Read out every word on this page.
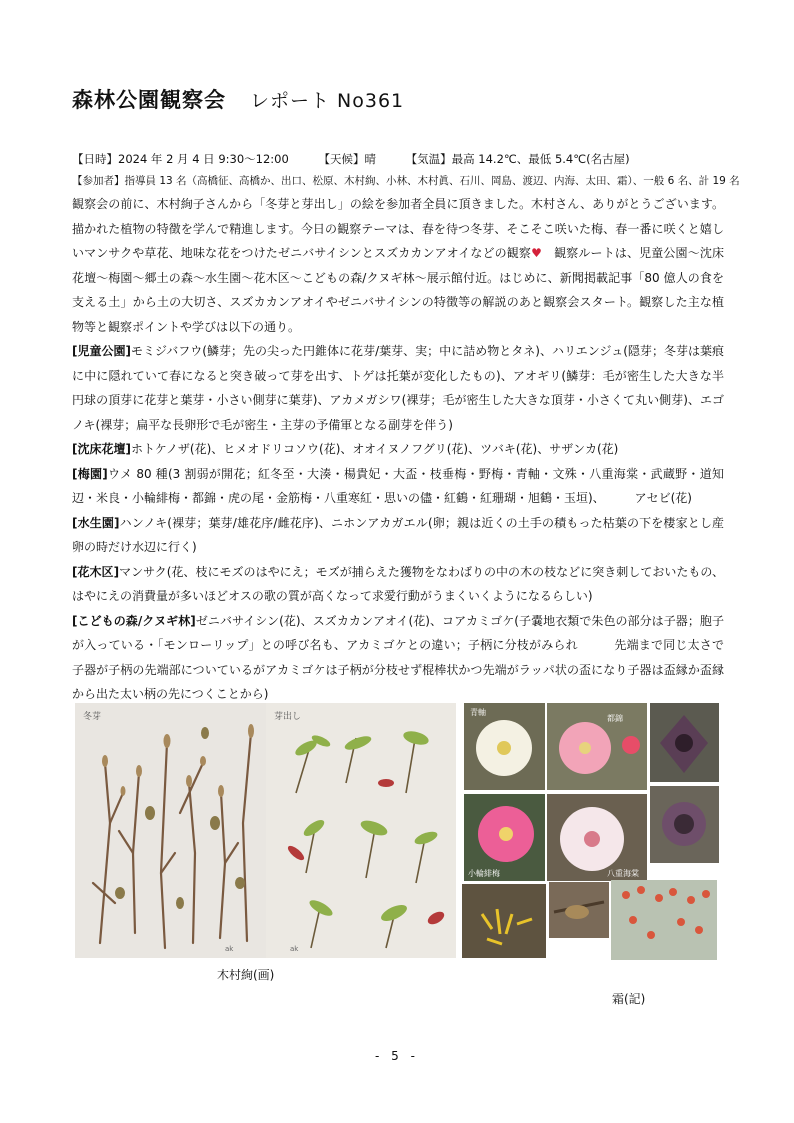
森林公園観察会 レポート No361
【日時】2024 年 2 月 4 日 9:30～12:00	【天候】晴	【気温】最高 14.2℃、最低 5.4℃(名古屋)
【参加者】指導員 13 名（高橋征、高橋か、出口、松原、木村絢、小林、木村眞、石川、岡島、渡辺、内海、太田、霜）、一般 6 名、計 19 名

観察会の前に、木村絢子さんから「冬芽と芽出し」の絵を参加者全員に頂きました。木村さん、ありがとうございます。描かれた植物の特徴を学んで精進します。今日の観察テーマは、春を待つ冬芽、そこそこ咲いた梅、春一番に咲くと嬉しいマンサクや草花、地味な花をつけたゼニバサイシンとスズカカンアオイなどの観察♥　観察ルートは、児童公園～沈床花壇～梅園～郷土の森～水生園～花木区～こどもの森/クヌギ林～展示館付近。はじめに、新聞掲載記事「80 億人の食を支える土」から土の大切さ、スズカカンアオイやゼニバサイシンの特徴等の解説のあと観察会スタート。観察した主な植物等と観察ポイントや学びは以下の通り。

[児童公園]モミジバフウ(鱗芽；先の尖った円錐体に花芽/葉芽、実；中に詰め物とタネ)、ハリエンジュ(隠芽；冬芽は葉痕に中に隠れていて春になると突き破って芽を出す、トゲは托葉が変化したもの)、アオギリ(鱗芽：毛が密生した大きな半円球の頂芽に花芽と葉芽・小さい側芽に葉芽)、アカメガシワ(裸芽；毛が密生した大きな頂芽・小さくて丸い側芽)、エゴノキ(裸芽；扁平な長卵形で毛が密生・主芽の予備軍となる副芽を伴う)

[沈床花壇]ホトケノザ(花)、ヒメオドリコソウ(花)、オオイヌノフグリ(花)、ツバキ(花)、サザンカ(花)

[梅園]ウメ 80 種(3 割弱が開花；紅冬至・大湊・楊貴妃・大盃・枝垂梅・野梅・青軸・文殊・八重海棠・武蔵野・道知辺・米良・小輪緋梅・都錦・虎の尾・金筋梅・八重寒紅・思いの儘・紅鶴・紅珊瑚・旭鶴・玉垣)、　　　アセビ(花)

[水生園]ハンノキ(裸芽；葉芽/雄花序/雌花序)、ニホンアカガエル(卵；親は近くの土手の積もった枯葉の下を棲家とし産卵の時だけ水辺に行く)

[花木区]マンサク(花、枝にモズのはやにえ；モズが捕らえた獲物をなわばりの中の木の枝などに突き刺しておいたもの、はやにえの消費量が多いほどオスの歌の質が高くなって求愛行動がうまくいくようになるらしい)

[こどもの森/クヌギ林]ゼニバサイシン(花)、スズカカンアオイ(花)、コアカミゴケ(子嚢地衣類で朱色の部分は子器；胞子が入っている・「モンローリップ」との呼び名も、アカミゴケとの違い；子柄に分枝がみられ　　　先端まで同じ太さで子器が子柄の先端部についているがアカミゴケは子柄が分枝せず棍棒状かつ先端がラッパ状の盃になり子器は盃縁か盃縁から出た太い柄の先につくことから)

冬芽
ak
芽出し
ak
青軸
都錦
小輪緋梅	八重海棠
木村絢(画)
霜(記)
- 5 -
